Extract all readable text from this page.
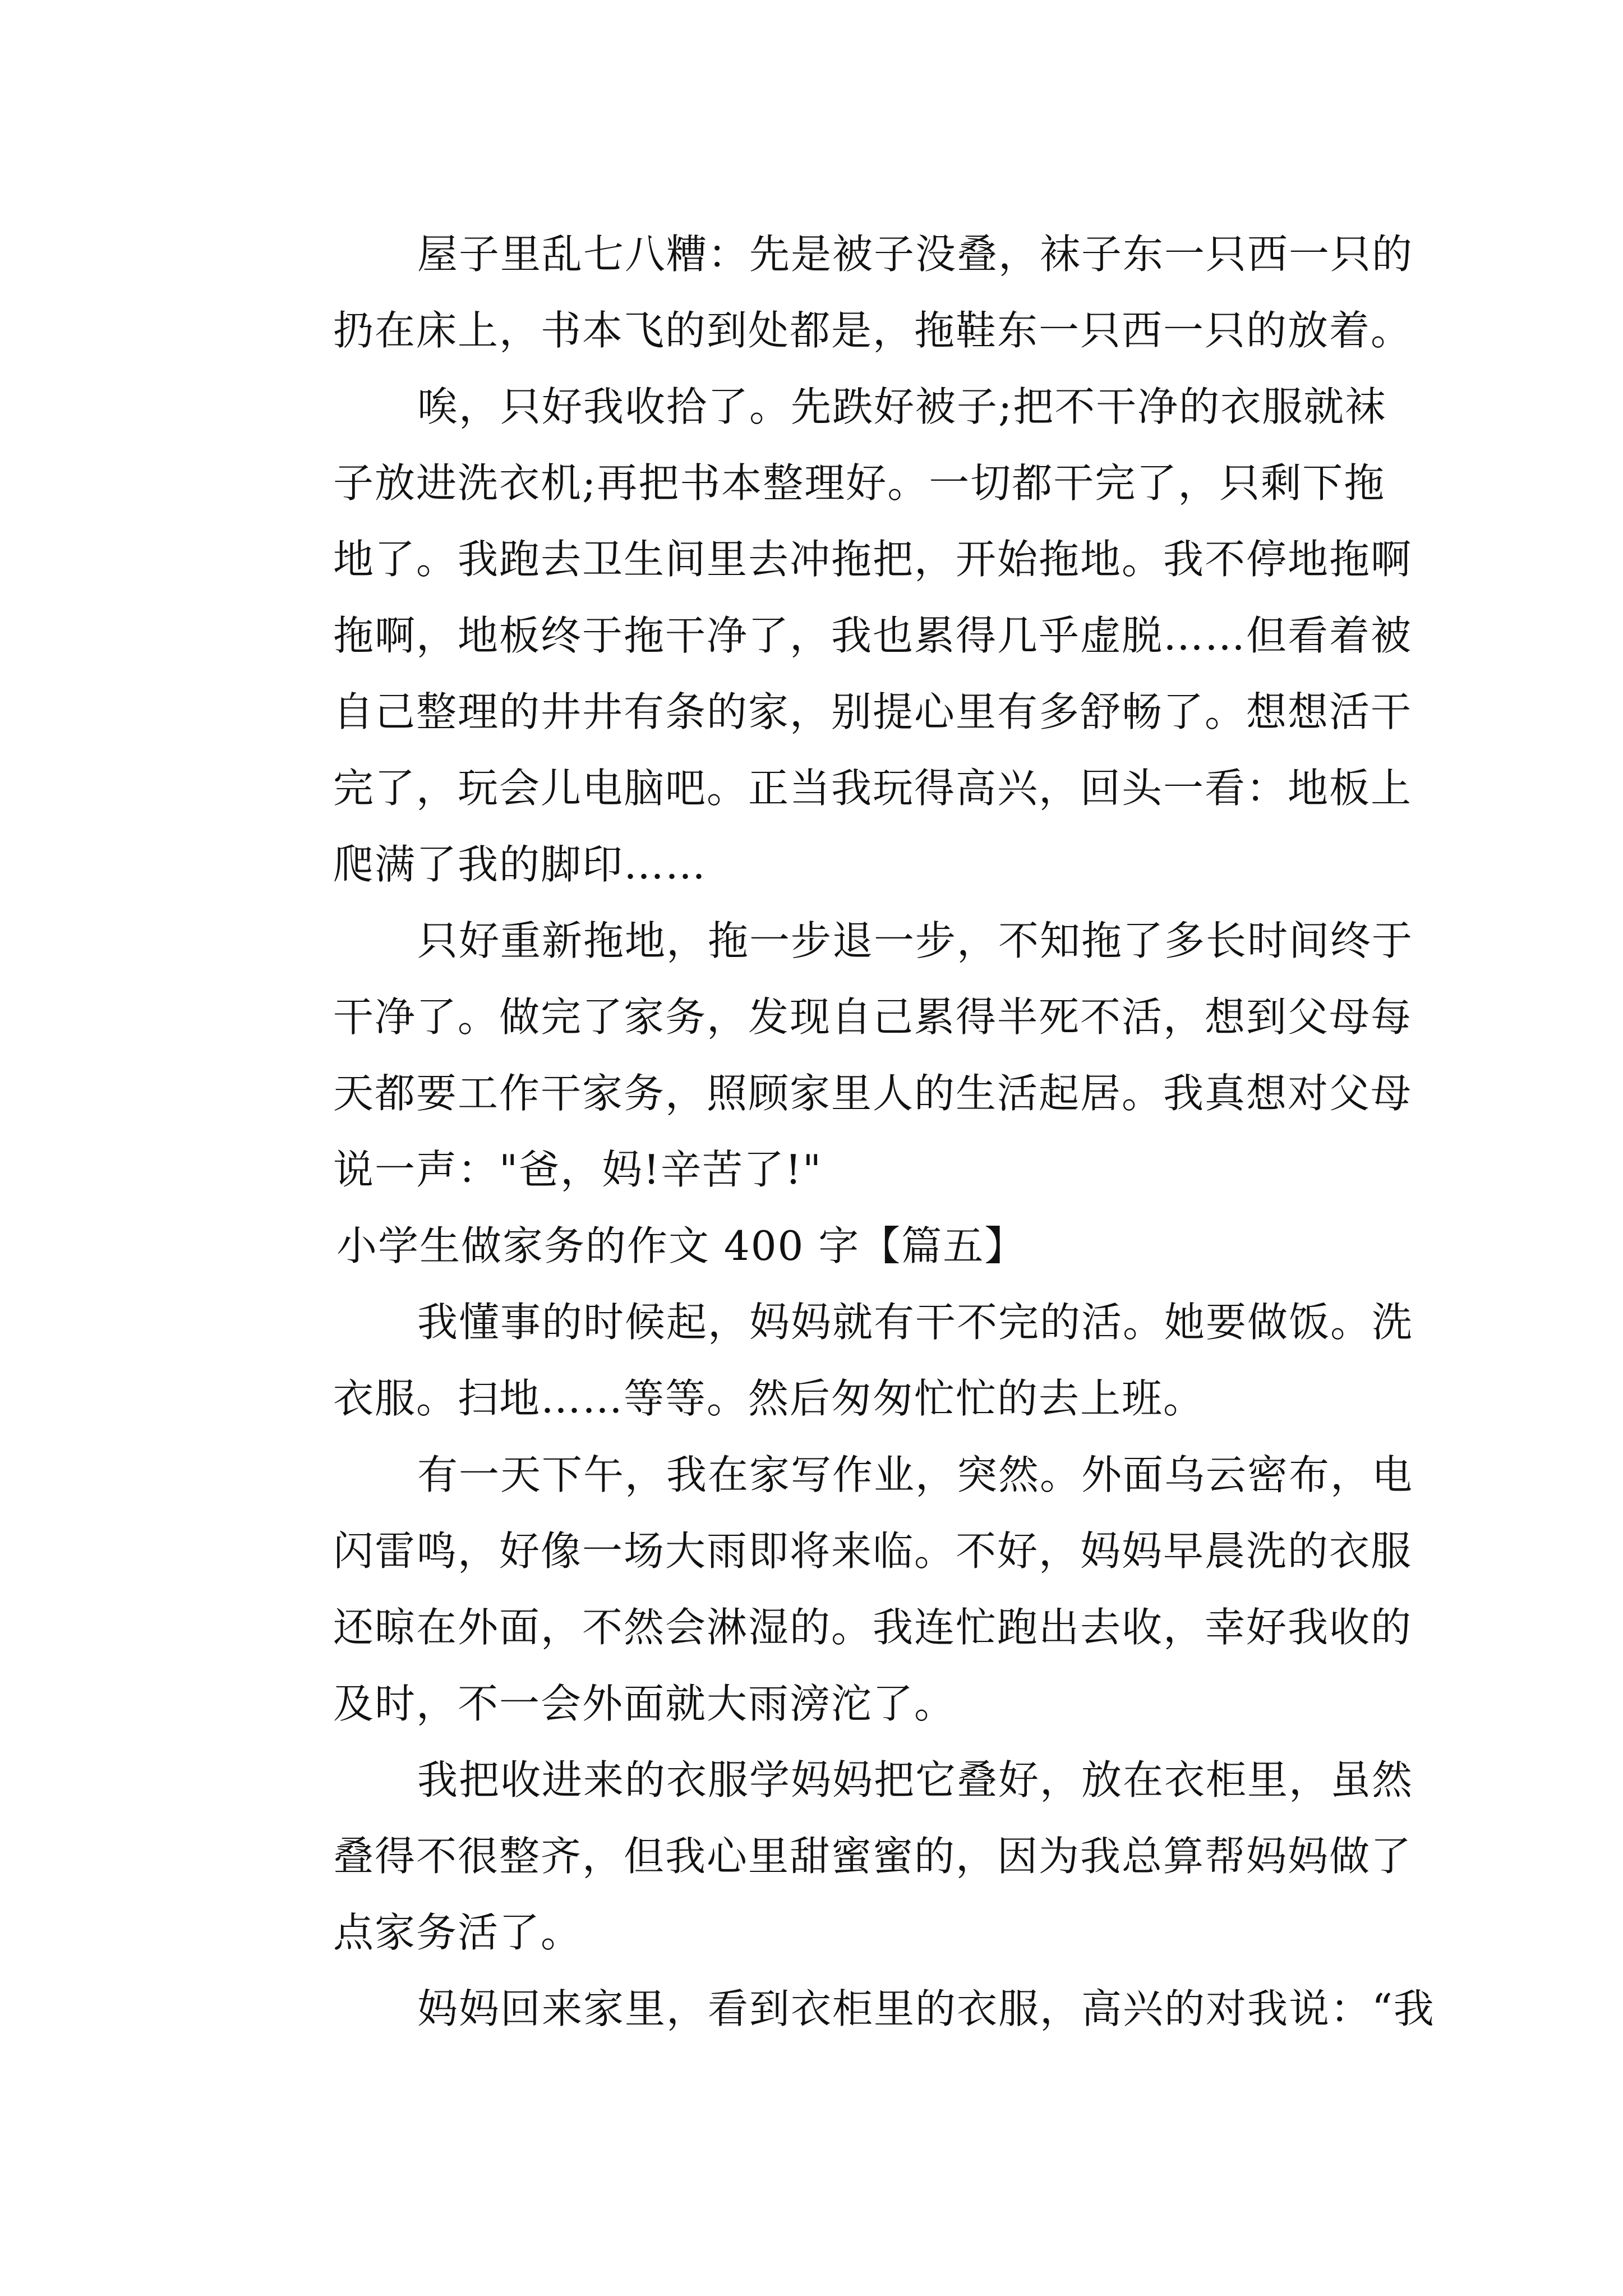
屋子里乱七八糟：先是被子没叠，袜子东一只西一只的
扔在床上，书本飞的到处都是，拖鞋东一只西一只的放着。
唉，只好我收拾了。先跌好被子;把不干净的衣服就袜
子放进洗衣机;再把书本整理好。一切都干完了，只剩下拖
地了。我跑去卫生间里去冲拖把，开始拖地。我不停地拖啊
拖啊，地板终于拖干净了，我也累得几乎虚脱……但看着被
自己整理的井井有条的家，别提心里有多舒畅了。想想活干
完了，玩会儿电脑吧。正当我玩得高兴，回头一看：地板上
爬满了我的脚印……
只好重新拖地，拖一步退一步，不知拖了多长时间终于
干净了。做完了家务，发现自己累得半死不活，想到父母每
天都要工作干家务，照顾家里人的生活起居。我真想对父母
说一声："爸，妈!辛苦了!"
小学生做家务的作文 400 字【篇五】
我懂事的时候起，妈妈就有干不完的活。她要做饭。洗
衣服。扫地……等等。然后匆匆忙忙的去上班。
有一天下午，我在家写作业，突然。外面乌云密布，电
闪雷鸣，好像一场大雨即将来临。不好，妈妈早晨洗的衣服
还晾在外面，不然会淋湿的。我连忙跑出去收，幸好我收的
及时，不一会外面就大雨滂沱了。
我把收进来的衣服学妈妈把它叠好，放在衣柜里，虽然
叠得不很整齐，但我心里甜蜜蜜的，因为我总算帮妈妈做了
点家务活了。
妈妈回来家里，看到衣柜里的衣服，高兴的对我说：“我
